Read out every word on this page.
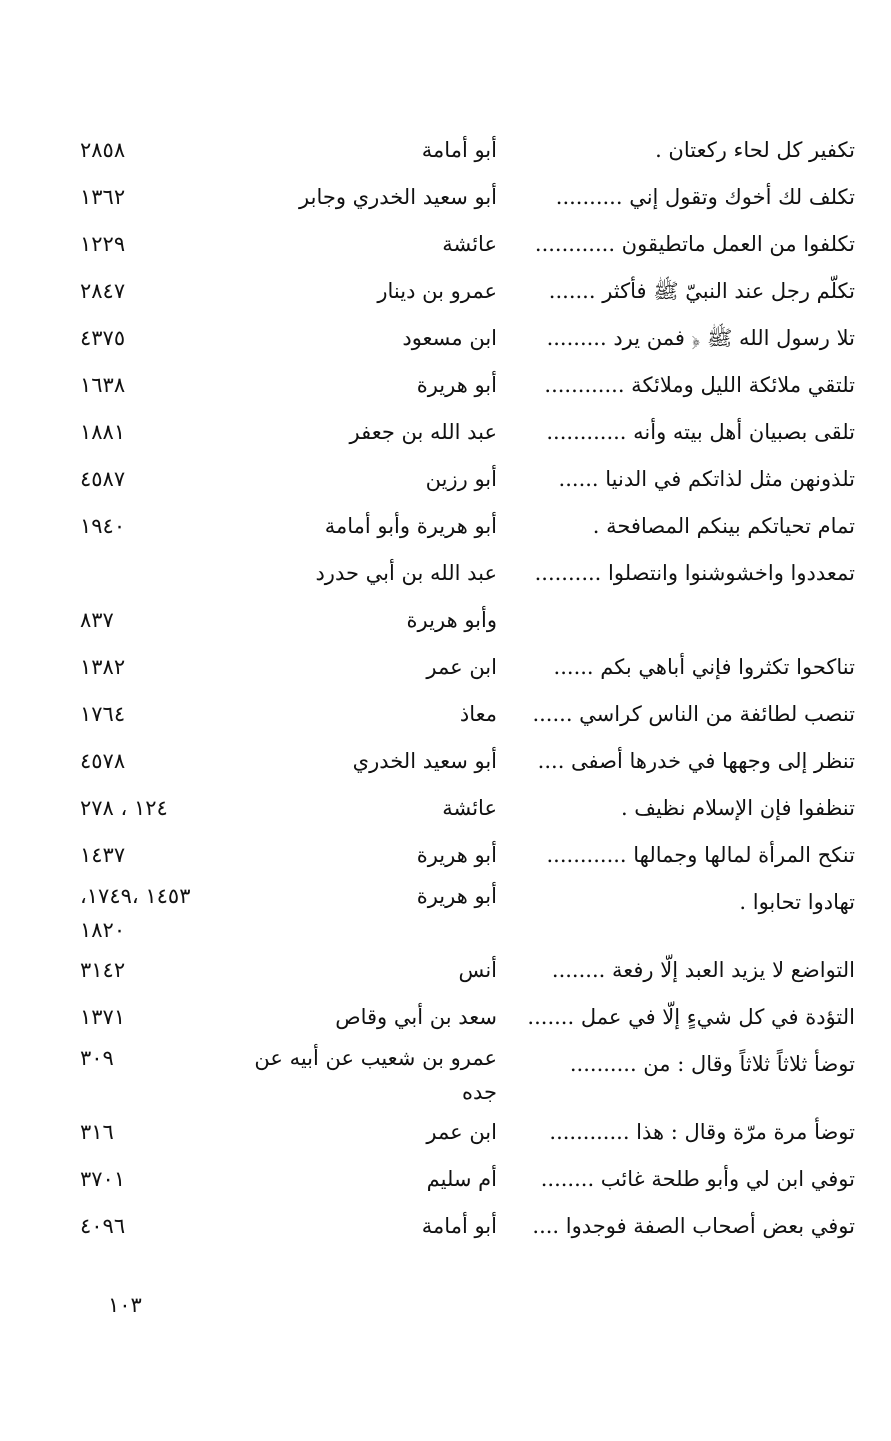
تكفير كل لحاء ركعتان .
أبو أمامة
٢٨٥٨
تكلف لك أخوك وتقول إني ..........
أبو سعيد الخدري وجابر
١٣٦٢
تكلفوا من العمل ماتطيقون ............
عائشة
١٢٢٩
تكلّم رجل عند النبيّ ﷺ فأكثر .......
عمرو بن دينار
٢٨٤٧
تلا رسول الله ﷺ ﴿ فمن يرد .........
ابن مسعود
٤٣٧٥
تلتقي ملائكة الليل وملائكة ............
أبو هريرة
١٦٣٨
تلقى بصبيان أهل بيته وأنه ............
عبد الله بن جعفر
١٨٨١
تلذونهن مثل لذاتكم في الدنيا ......
أبو رزين
٤٥٨٧
تمام تحياتكم بينكم المصافحة .
أبو هريرة وأبو أمامة
١٩٤٠
تمعددوا واخشوشنوا وانتصلوا ..........
عبد الله بن أبي حدرد
وأبو هريرة
٨٣٧
تناكحوا تكثروا فإني أباهي بكم ......
ابن عمر
١٣٨٢
تنصب لطائفة من الناس كراسي ......
معاذ
١٧٦٤
تنظر إلى وجهها في خدرها أصفى ....
أبو سعيد الخدري
٤٥٧٨
تنظفوا فإن الإسلام نظيف .
عائشة
١٢٤ ، ٢٧٨
تنكح المرأة لمالها وجمالها ............
أبو هريرة
١٤٣٧
تهادوا تحابوا .
أبو هريرة
١٤٥٣ ،١٧٤٩، ١٨٢٠
التواضع لا يزيد العبد إلّا رفعة ........
أنس
٣١٤٢
التؤدة في كل شيءٍ إلّا في عمل .......
سعد بن أبي وقاص
١٣٧١
توضأ ثلاثاً ثلاثاً وقال : من ..........
عمرو بن شعيب عن أبيه عن جده
٣٠٩
توضأ مرة مرّة وقال : هذا ............
ابن عمر
٣١٦
توفي ابن لي وأبو طلحة غائب ........
أم سليم
٣٧٠١
توفي بعض أصحاب الصفة فوجدوا ....
أبو أمامة
٤٠٩٦
١٠٣
